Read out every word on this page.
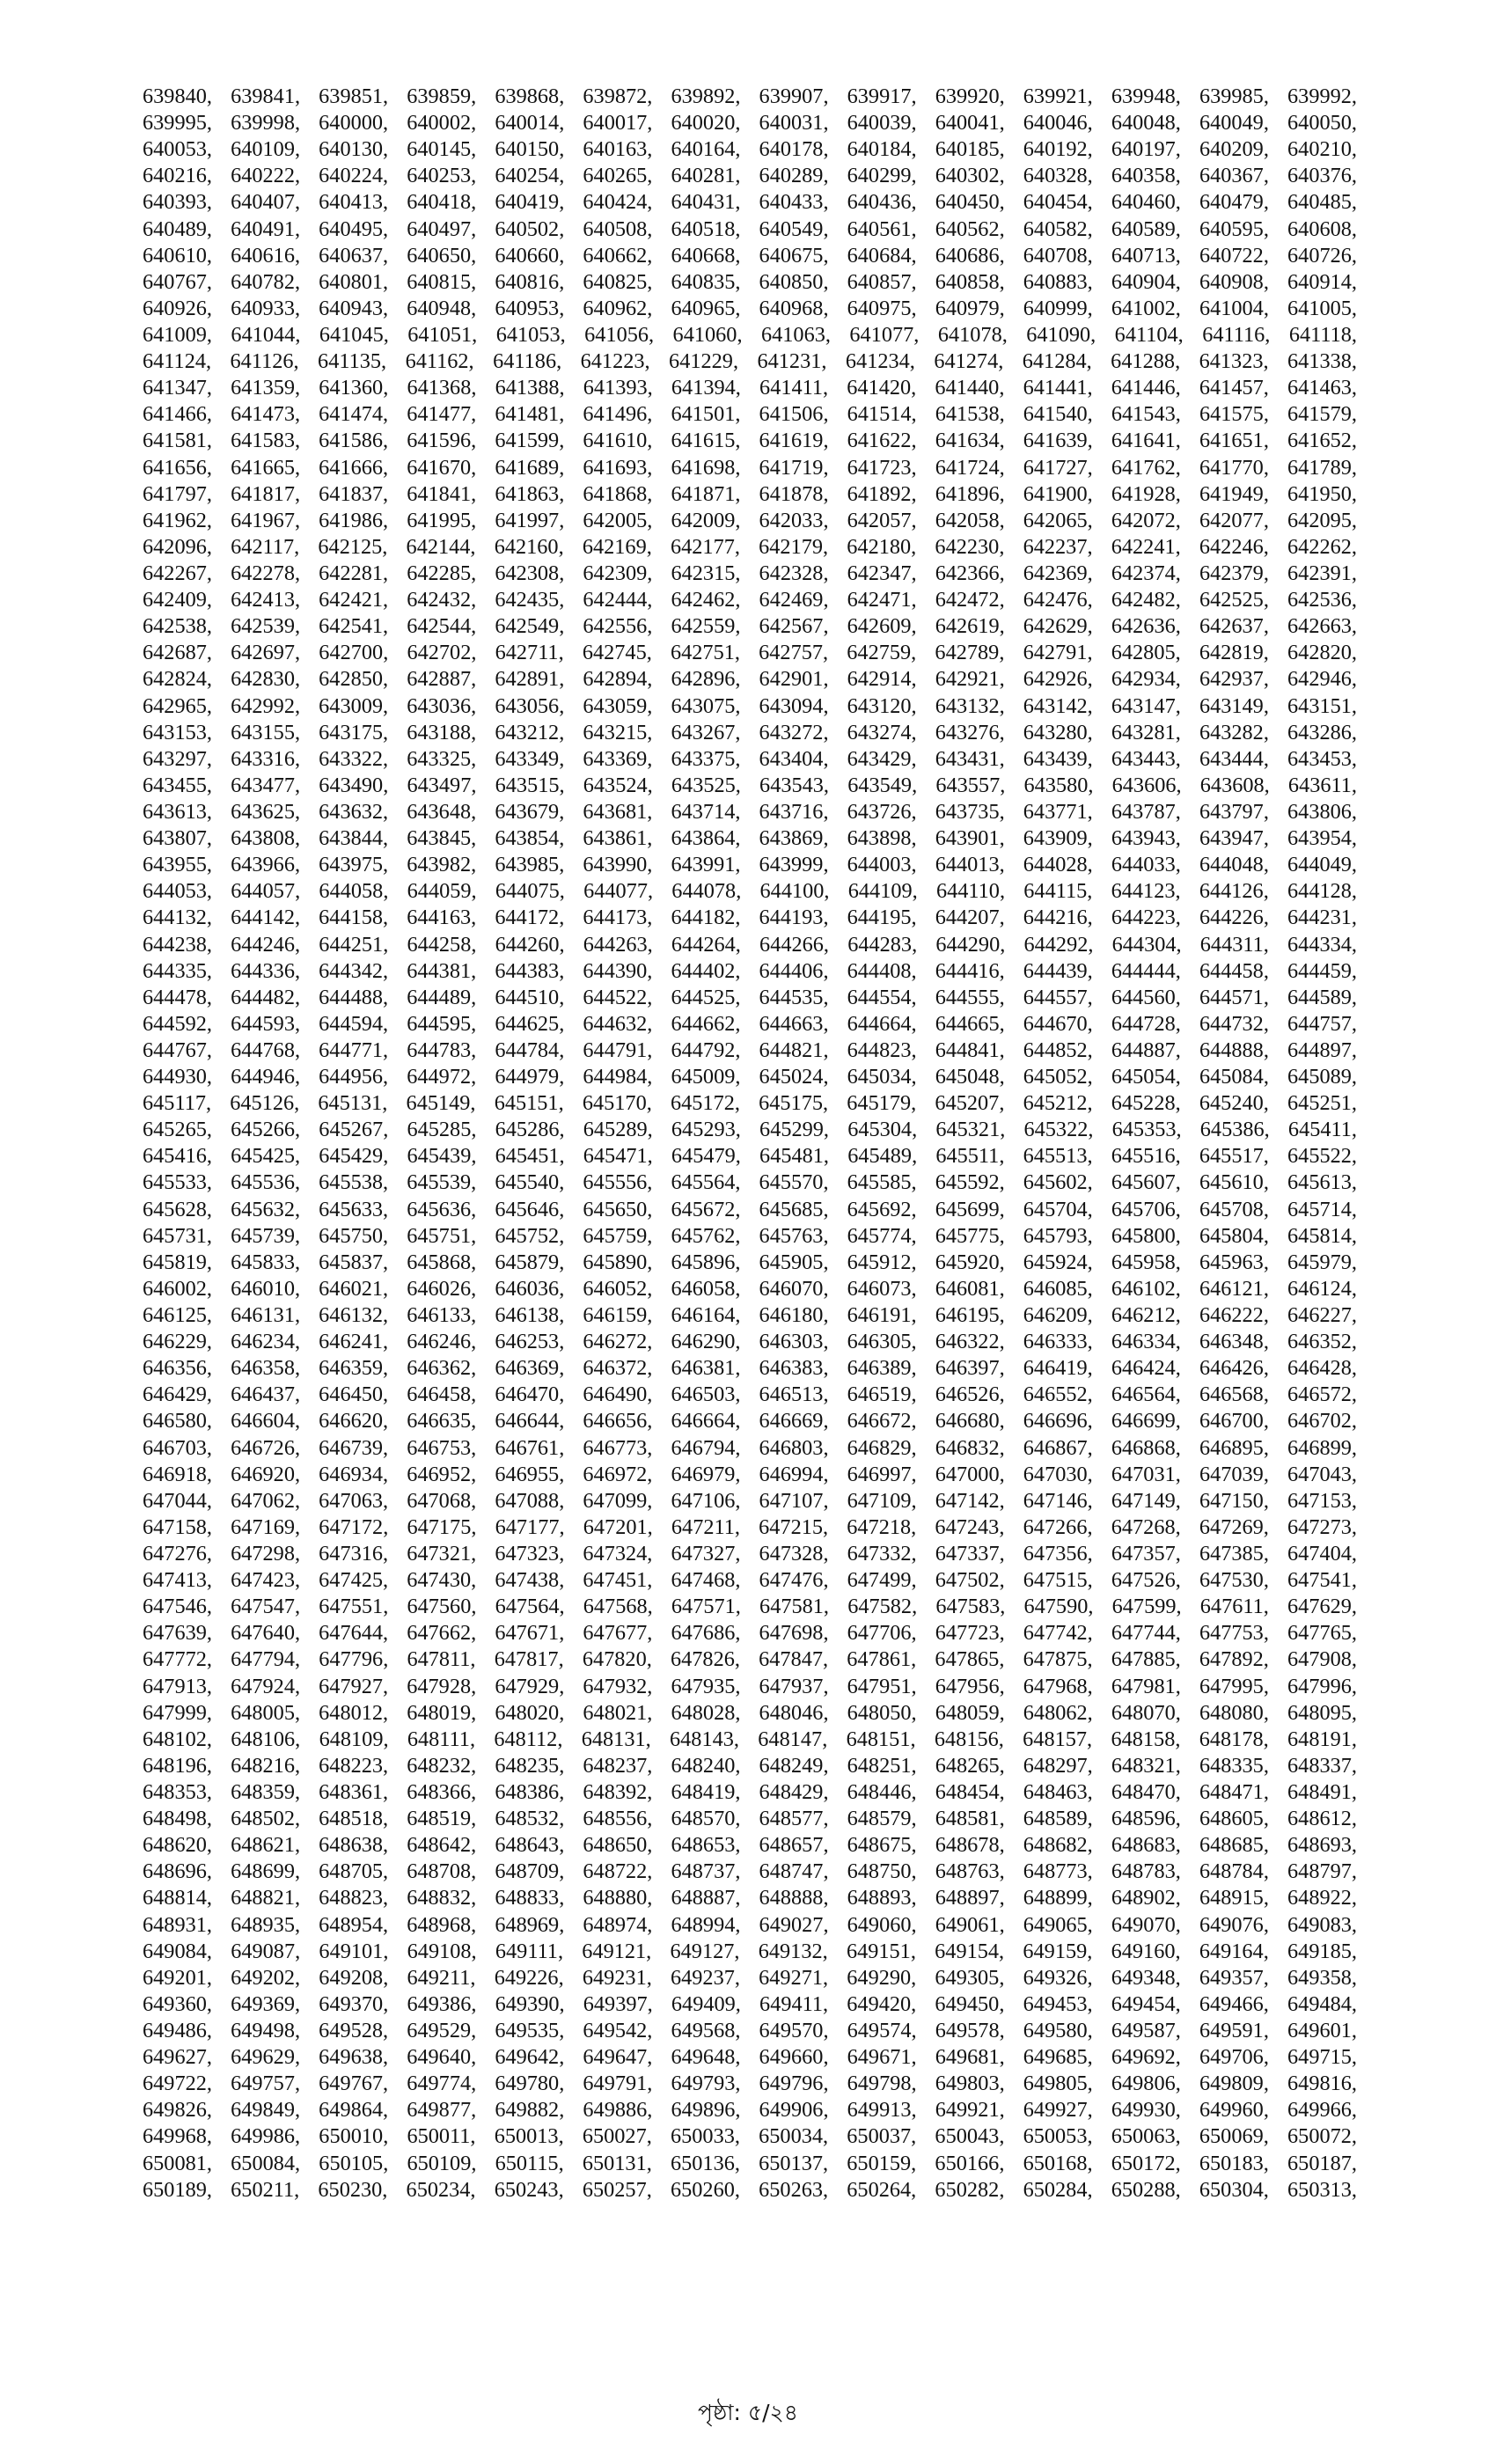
639840, 639841, 639851, 639859, 639868, 639872, 639892, 639907, 639917, 639920, 639921, 639948, 639985, 639992,
639995, 639998, 640000, 640002, 640014, 640017, 640020, 640031, 640039, 640041, 640046, 640048, 640049, 640050,
640053, 640109, 640130, 640145, 640150, 640163, 640164, 640178, 640184, 640185, 640192, 640197, 640209, 640210,
640216, 640222, 640224, 640253, 640254, 640265, 640281, 640289, 640299, 640302, 640328, 640358, 640367, 640376,
640393, 640407, 640413, 640418, 640419, 640424, 640431, 640433, 640436, 640450, 640454, 640460, 640479, 640485,
640489, 640491, 640495, 640497, 640502, 640508, 640518, 640549, 640561, 640562, 640582, 640589, 640595, 640608,
640610, 640616, 640637, 640650, 640660, 640662, 640668, 640675, 640684, 640686, 640708, 640713, 640722, 640726,
640767, 640782, 640801, 640815, 640816, 640825, 640835, 640850, 640857, 640858, 640883, 640904, 640908, 640914,
640926, 640933, 640943, 640948, 640953, 640962, 640965, 640968, 640975, 640979, 640999, 641002, 641004, 641005,
641009, 641044, 641045, 641051, 641053, 641056, 641060, 641063, 641077, 641078, 641090, 641104, 641116, 641118,
641124, 641126, 641135, 641162, 641186, 641223, 641229, 641231, 641234, 641274, 641284, 641288, 641323, 641338,
641347, 641359, 641360, 641368, 641388, 641393, 641394, 641411, 641420, 641440, 641441, 641446, 641457, 641463,
641466, 641473, 641474, 641477, 641481, 641496, 641501, 641506, 641514, 641538, 641540, 641543, 641575, 641579,
641581, 641583, 641586, 641596, 641599, 641610, 641615, 641619, 641622, 641634, 641639, 641641, 641651, 641652,
641656, 641665, 641666, 641670, 641689, 641693, 641698, 641719, 641723, 641724, 641727, 641762, 641770, 641789,
641797, 641817, 641837, 641841, 641863, 641868, 641871, 641878, 641892, 641896, 641900, 641928, 641949, 641950,
641962, 641967, 641986, 641995, 641997, 642005, 642009, 642033, 642057, 642058, 642065, 642072, 642077, 642095,
642096, 642117, 642125, 642144, 642160, 642169, 642177, 642179, 642180, 642230, 642237, 642241, 642246, 642262,
642267, 642278, 642281, 642285, 642308, 642309, 642315, 642328, 642347, 642366, 642369, 642374, 642379, 642391,
642409, 642413, 642421, 642432, 642435, 642444, 642462, 642469, 642471, 642472, 642476, 642482, 642525, 642536,
642538, 642539, 642541, 642544, 642549, 642556, 642559, 642567, 642609, 642619, 642629, 642636, 642637, 642663,
642687, 642697, 642700, 642702, 642711, 642745, 642751, 642757, 642759, 642789, 642791, 642805, 642819, 642820,
642824, 642830, 642850, 642887, 642891, 642894, 642896, 642901, 642914, 642921, 642926, 642934, 642937, 642946,
642965, 642992, 643009, 643036, 643056, 643059, 643075, 643094, 643120, 643132, 643142, 643147, 643149, 643151,
643153, 643155, 643175, 643188, 643212, 643215, 643267, 643272, 643274, 643276, 643280, 643281, 643282, 643286,
643297, 643316, 643322, 643325, 643349, 643369, 643375, 643404, 643429, 643431, 643439, 643443, 643444, 643453,
643455, 643477, 643490, 643497, 643515, 643524, 643525, 643543, 643549, 643557, 643580, 643606, 643608, 643611,
643613, 643625, 643632, 643648, 643679, 643681, 643714, 643716, 643726, 643735, 643771, 643787, 643797, 643806,
643807, 643808, 643844, 643845, 643854, 643861, 643864, 643869, 643898, 643901, 643909, 643943, 643947, 643954,
643955, 643966, 643975, 643982, 643985, 643990, 643991, 643999, 644003, 644013, 644028, 644033, 644048, 644049,
644053, 644057, 644058, 644059, 644075, 644077, 644078, 644100, 644109, 644110, 644115, 644123, 644126, 644128,
644132, 644142, 644158, 644163, 644172, 644173, 644182, 644193, 644195, 644207, 644216, 644223, 644226, 644231,
644238, 644246, 644251, 644258, 644260, 644263, 644264, 644266, 644283, 644290, 644292, 644304, 644311, 644334,
644335, 644336, 644342, 644381, 644383, 644390, 644402, 644406, 644408, 644416, 644439, 644444, 644458, 644459,
644478, 644482, 644488, 644489, 644510, 644522, 644525, 644535, 644554, 644555, 644557, 644560, 644571, 644589,
644592, 644593, 644594, 644595, 644625, 644632, 644662, 644663, 644664, 644665, 644670, 644728, 644732, 644757,
644767, 644768, 644771, 644783, 644784, 644791, 644792, 644821, 644823, 644841, 644852, 644887, 644888, 644897,
644930, 644946, 644956, 644972, 644979, 644984, 645009, 645024, 645034, 645048, 645052, 645054, 645084, 645089,
645117, 645126, 645131, 645149, 645151, 645170, 645172, 645175, 645179, 645207, 645212, 645228, 645240, 645251,
645265, 645266, 645267, 645285, 645286, 645289, 645293, 645299, 645304, 645321, 645322, 645353, 645386, 645411,
645416, 645425, 645429, 645439, 645451, 645471, 645479, 645481, 645489, 645511, 645513, 645516, 645517, 645522,
645533, 645536, 645538, 645539, 645540, 645556, 645564, 645570, 645585, 645592, 645602, 645607, 645610, 645613,
645628, 645632, 645633, 645636, 645646, 645650, 645672, 645685, 645692, 645699, 645704, 645706, 645708, 645714,
645731, 645739, 645750, 645751, 645752, 645759, 645762, 645763, 645774, 645775, 645793, 645800, 645804, 645814,
645819, 645833, 645837, 645868, 645879, 645890, 645896, 645905, 645912, 645920, 645924, 645958, 645963, 645979,
646002, 646010, 646021, 646026, 646036, 646052, 646058, 646070, 646073, 646081, 646085, 646102, 646121, 646124,
646125, 646131, 646132, 646133, 646138, 646159, 646164, 646180, 646191, 646195, 646209, 646212, 646222, 646227,
646229, 646234, 646241, 646246, 646253, 646272, 646290, 646303, 646305, 646322, 646333, 646334, 646348, 646352,
646356, 646358, 646359, 646362, 646369, 646372, 646381, 646383, 646389, 646397, 646419, 646424, 646426, 646428,
646429, 646437, 646450, 646458, 646470, 646490, 646503, 646513, 646519, 646526, 646552, 646564, 646568, 646572,
646580, 646604, 646620, 646635, 646644, 646656, 646664, 646669, 646672, 646680, 646696, 646699, 646700, 646702,
646703, 646726, 646739, 646753, 646761, 646773, 646794, 646803, 646829, 646832, 646867, 646868, 646895, 646899,
646918, 646920, 646934, 646952, 646955, 646972, 646979, 646994, 646997, 647000, 647030, 647031, 647039, 647043,
647044, 647062, 647063, 647068, 647088, 647099, 647106, 647107, 647109, 647142, 647146, 647149, 647150, 647153,
647158, 647169, 647172, 647175, 647177, 647201, 647211, 647215, 647218, 647243, 647266, 647268, 647269, 647273,
647276, 647298, 647316, 647321, 647323, 647324, 647327, 647328, 647332, 647337, 647356, 647357, 647385, 647404,
647413, 647423, 647425, 647430, 647438, 647451, 647468, 647476, 647499, 647502, 647515, 647526, 647530, 647541,
647546, 647547, 647551, 647560, 647564, 647568, 647571, 647581, 647582, 647583, 647590, 647599, 647611, 647629,
647639, 647640, 647644, 647662, 647671, 647677, 647686, 647698, 647706, 647723, 647742, 647744, 647753, 647765,
647772, 647794, 647796, 647811, 647817, 647820, 647826, 647847, 647861, 647865, 647875, 647885, 647892, 647908,
647913, 647924, 647927, 647928, 647929, 647932, 647935, 647937, 647951, 647956, 647968, 647981, 647995, 647996,
647999, 648005, 648012, 648019, 648020, 648021, 648028, 648046, 648050, 648059, 648062, 648070, 648080, 648095,
648102, 648106, 648109, 648111, 648112, 648131, 648143, 648147, 648151, 648156, 648157, 648158, 648178, 648191,
648196, 648216, 648223, 648232, 648235, 648237, 648240, 648249, 648251, 648265, 648297, 648321, 648335, 648337,
648353, 648359, 648361, 648366, 648386, 648392, 648419, 648429, 648446, 648454, 648463, 648470, 648471, 648491,
648498, 648502, 648518, 648519, 648532, 648556, 648570, 648577, 648579, 648581, 648589, 648596, 648605, 648612,
648620, 648621, 648638, 648642, 648643, 648650, 648653, 648657, 648675, 648678, 648682, 648683, 648685, 648693,
648696, 648699, 648705, 648708, 648709, 648722, 648737, 648747, 648750, 648763, 648773, 648783, 648784, 648797,
648814, 648821, 648823, 648832, 648833, 648880, 648887, 648888, 648893, 648897, 648899, 648902, 648915, 648922,
648931, 648935, 648954, 648968, 648969, 648974, 648994, 649027, 649060, 649061, 649065, 649070, 649076, 649083,
649084, 649087, 649101, 649108, 649111, 649121, 649127, 649132, 649151, 649154, 649159, 649160, 649164, 649185,
649201, 649202, 649208, 649211, 649226, 649231, 649237, 649271, 649290, 649305, 649326, 649348, 649357, 649358,
649360, 649369, 649370, 649386, 649390, 649397, 649409, 649411, 649420, 649450, 649453, 649454, 649466, 649484,
649486, 649498, 649528, 649529, 649535, 649542, 649568, 649570, 649574, 649578, 649580, 649587, 649591, 649601,
649627, 649629, 649638, 649640, 649642, 649647, 649648, 649660, 649671, 649681, 649685, 649692, 649706, 649715,
649722, 649757, 649767, 649774, 649780, 649791, 649793, 649796, 649798, 649803, 649805, 649806, 649809, 649816,
649826, 649849, 649864, 649877, 649882, 649886, 649896, 649906, 649913, 649921, 649927, 649930, 649960, 649966,
649968, 649986, 650010, 650011, 650013, 650027, 650033, 650034, 650037, 650043, 650053, 650063, 650069, 650072,
650081, 650084, 650105, 650109, 650115, 650131, 650136, 650137, 650159, 650166, 650168, 650172, 650183, 650187,
650189, 650211, 650230, 650234, 650243, 650257, 650260, 650263, 650264, 650282, 650284, 650288, 650304, 650313,
পৃষ্ঠা: ৫/২৪
